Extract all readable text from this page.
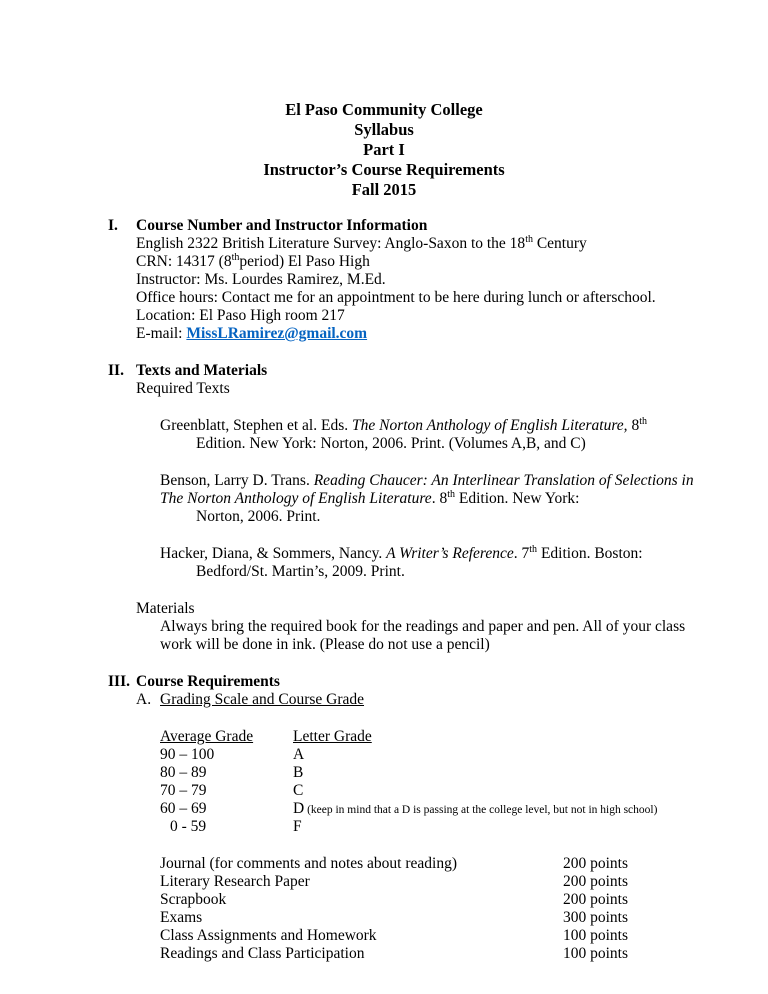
El Paso Community College
Syllabus
Part I
Instructor’s Course Requirements
Fall 2015
I. Course Number and Instructor Information
English 2322 British Literature Survey: Anglo-Saxon to the 18th Century
CRN: 14317 (8thperiod) El Paso High
Instructor: Ms. Lourdes Ramirez, M.Ed.
Office hours: Contact me for an appointment to be here during lunch or afterschool.
Location: El Paso High room 217
E-mail: MissLRamirez@gmail.com
II. Texts and Materials
Required Texts
Greenblatt, Stephen et al. Eds. The Norton Anthology of English Literature, 8th
Edition. New York: Norton, 2006. Print. (Volumes A,B, and C)
Benson, Larry D. Trans. Reading Chaucer: An Interlinear Translation of Selections in
The Norton Anthology of English Literature. 8th Edition. New York:
Norton, 2006. Print.
Hacker, Diana, & Sommers, Nancy. A Writer’s Reference. 7th Edition. Boston:
Bedford/St. Martin’s, 2009. Print.
Materials
Always bring the required book for the readings and paper and pen. All of your class
work will be done in ink. (Please do not use a pencil)
III. Course Requirements
A. Grading Scale and Course Grade
Average Grade	Letter Grade
90 – 100	A
80 – 89	B
70 – 79	C
60 – 69	D (keep in mind that a D is passing at the college level, but not in high school)
0 - 59	F
Journal (for comments and notes about reading)	200 points
Literary Research Paper	200 points
Scrapbook	200 points
Exams	300 points
Class Assignments and Homework	100 points
Readings and Class Participation	100 points
